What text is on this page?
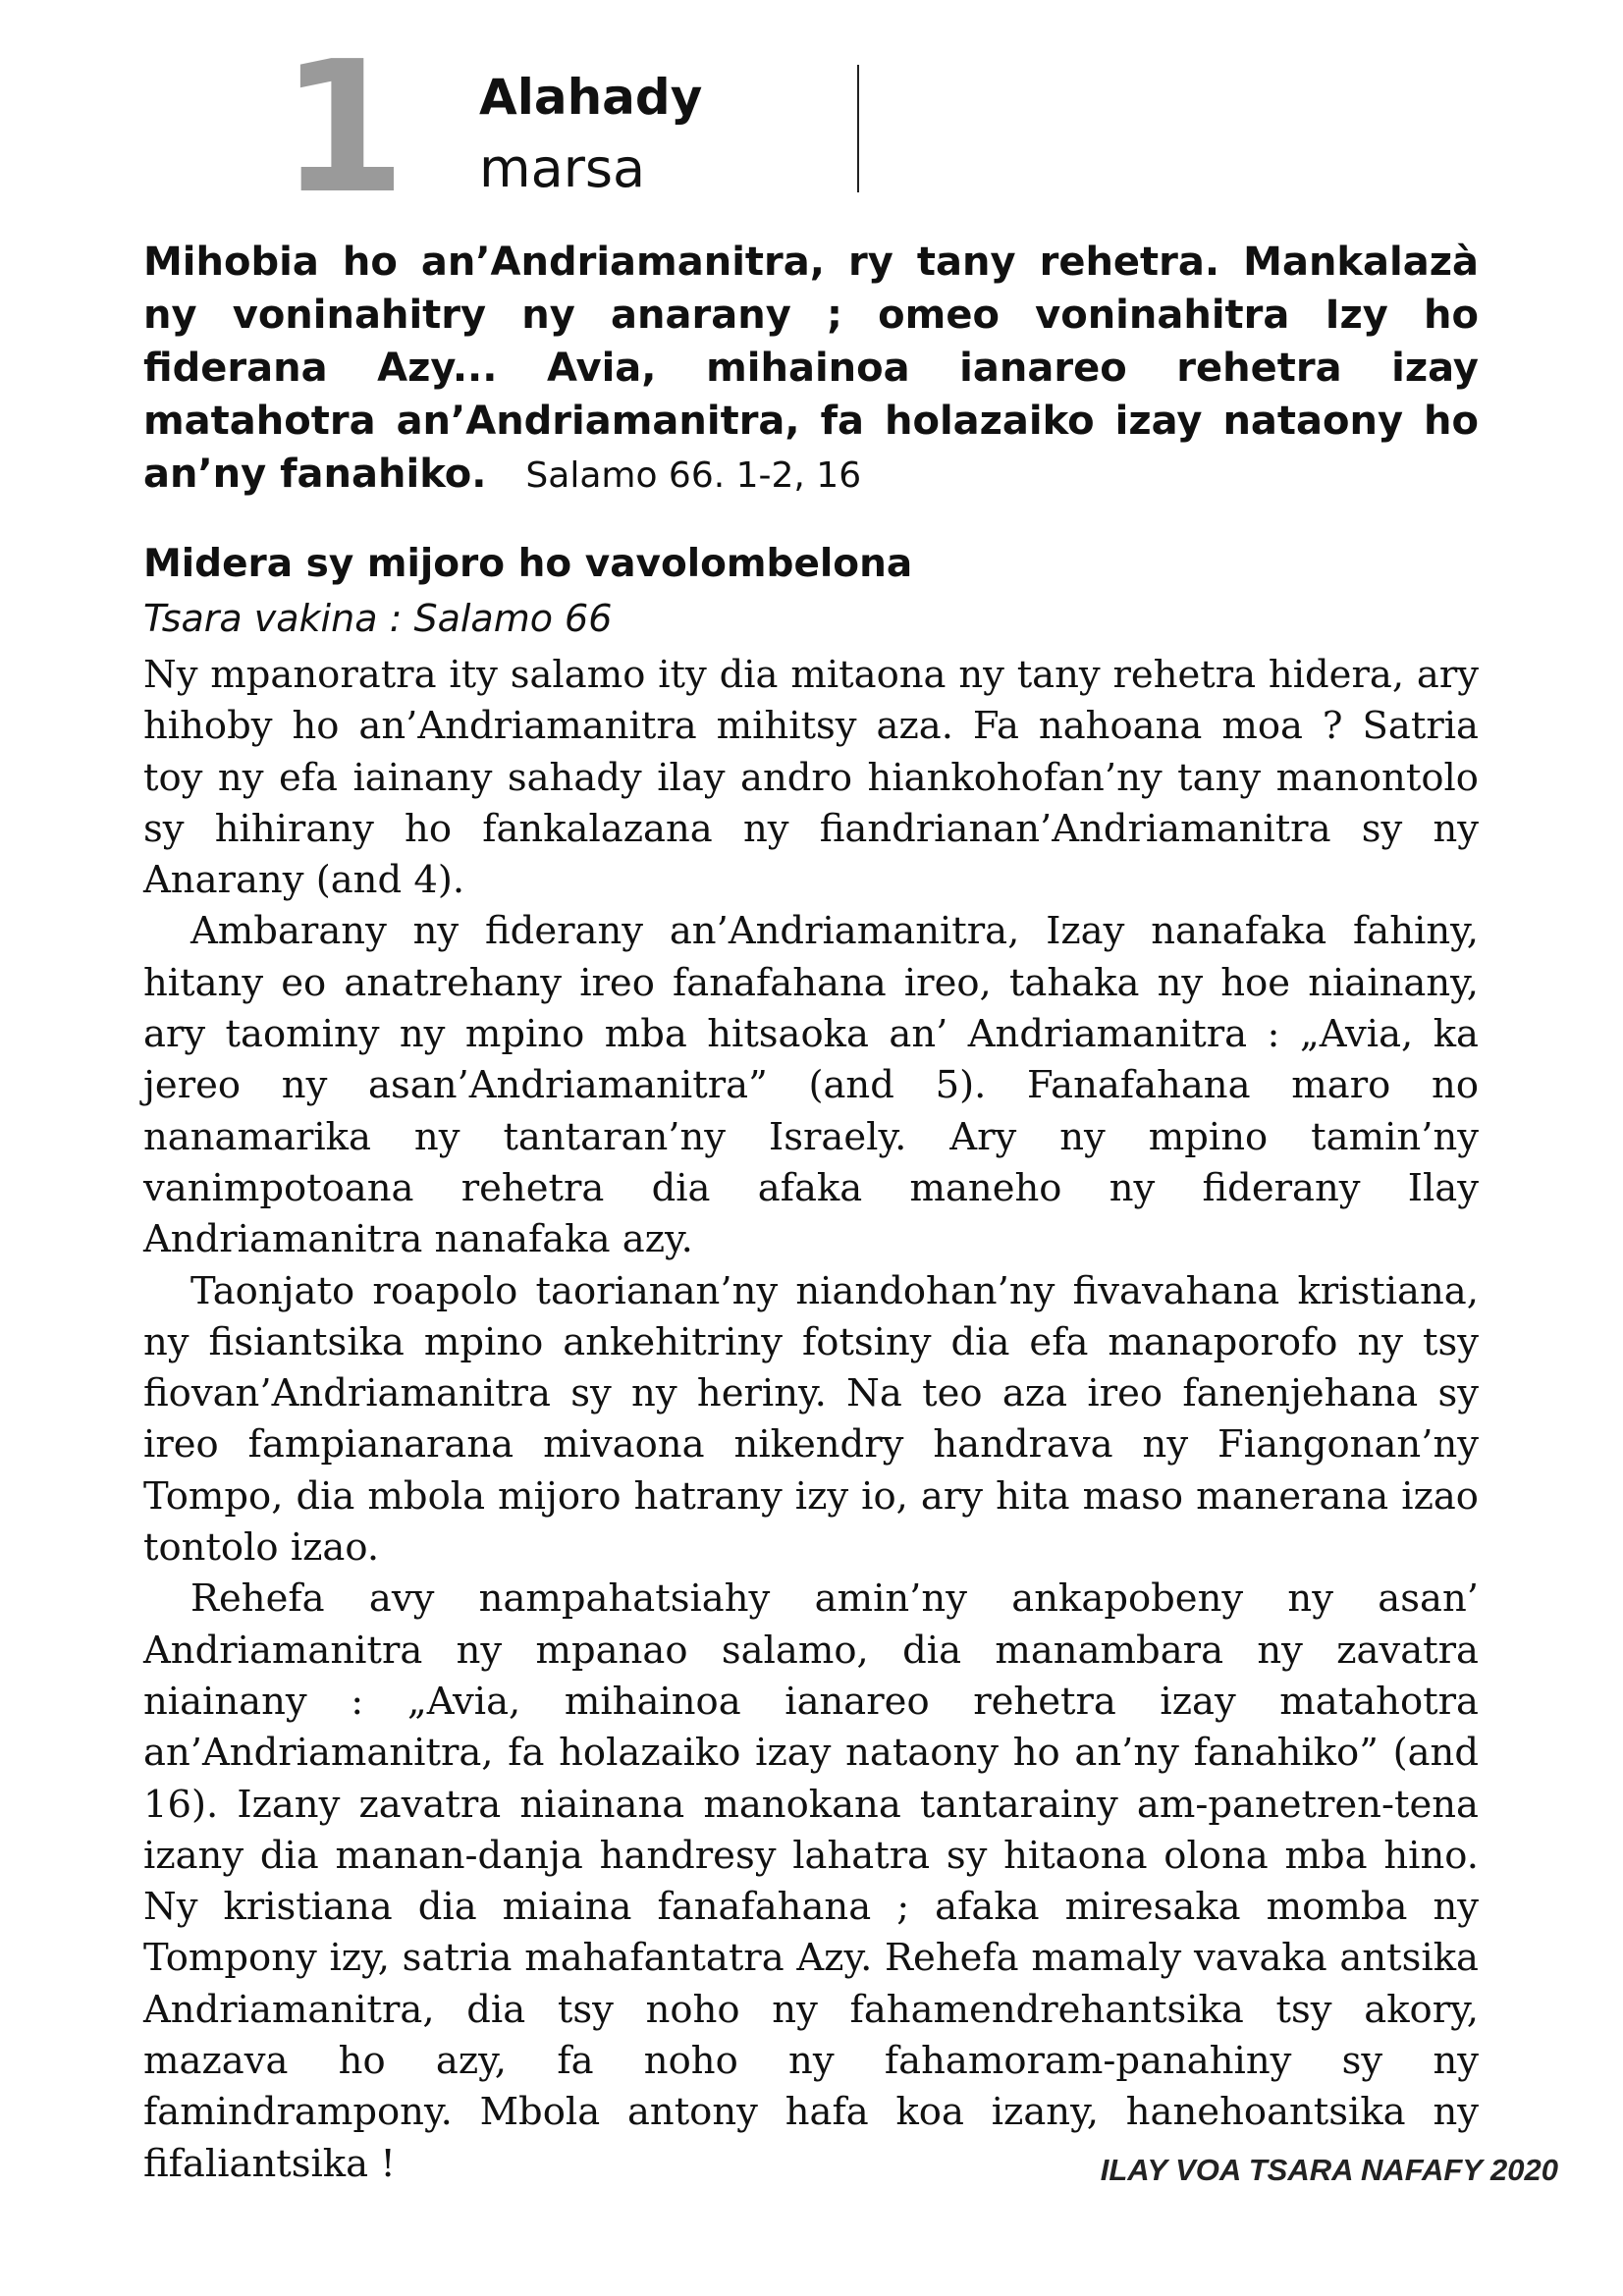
1 Alahady
marsa
Mihobia ho an’Andriamanitra, ry tany rehetra. Mankalazà ny voninahitry ny anarany ; omeo voninahitra Izy ho fiderana Azy... Avia, mihainoa ianareo rehetra izay matahotra an’Andriamanitra, fa holazaiko izay nataony ho an’ny fanahiko. Salamo 66. 1-2, 16
Midera sy mijoro ho vavolombelona
Tsara vakina : Salamo 66

Ny mpanoratra ity salamo ity dia mitaona ny tany rehetra hidera, ary hihoby ho an’Andriamanitra mihitsy aza. Fa nahoana moa ? Satria toy ny efa iainany sahady ilay andro hiankohofan’ny tany manontolo sy hihirany ho fankalazana ny fiandrianan’Andriamanitra sy ny Anarany (and 4).

Ambarany ny fiderany an’Andriamanitra, Izay nanafaka fahiny, hitany eo anatrehany ireo fanafahana ireo, tahaka ny hoe niainany, ary taominy ny mpino mba hitsaoka an’ Andriamanitra : „Avia, ka jereo ny asan’Andriamanitra” (and 5). Fanafahana maro no nanamarika ny tantaran’ny Israely. Ary ny mpino tamin’ny vanimpotoana rehetra dia afaka maneho ny fiderany Ilay Andriamanitra nanafaka azy.

Taonjato roapolo taorianan’ny niandohan’ny fivavahana kristiana, ny fisiantsika mpino ankehitriny fotsiny dia efa manaporofo ny tsy fiovan’Andriamanitra sy ny heriny. Na teo aza ireo fanenjehana sy ireo fampianarana mivaona nikendry handrava ny Fiangonan’ny Tompo, dia mbola mijoro hatrany izy io, ary hita maso manerana izao tontolo izao.

Rehefa avy nampahatsiahy amin’ny ankapobeny ny asan’ Andriamanitra ny mpanao salamo, dia manambara ny zavatra niainany : „Avia, mihainoa ianareo rehetra izay matahotra an’Andriamanitra, fa holazaiko izay nataony ho an’ny fanahiko” (and 16). Izany zavatra niainana manokana tantarainy am-panetren-tena izany dia manan-danja handresy lahatra sy hitaona olona mba hino. Ny kristiana dia miaina fanafahana ; afaka miresaka momba ny Tompony izy, satria mahafantatra Azy. Rehefa mamaly vavaka antsika Andriamanitra, dia tsy noho ny fahamendrehantsika tsy akory, mazava ho azy, fa noho ny fahamoram-panahiny sy ny famindrampony. Mbola antony hafa koa izany, hanehoantsika ny fifaliantsika !	ILAY VOA TSARA NAFAFY 2020
